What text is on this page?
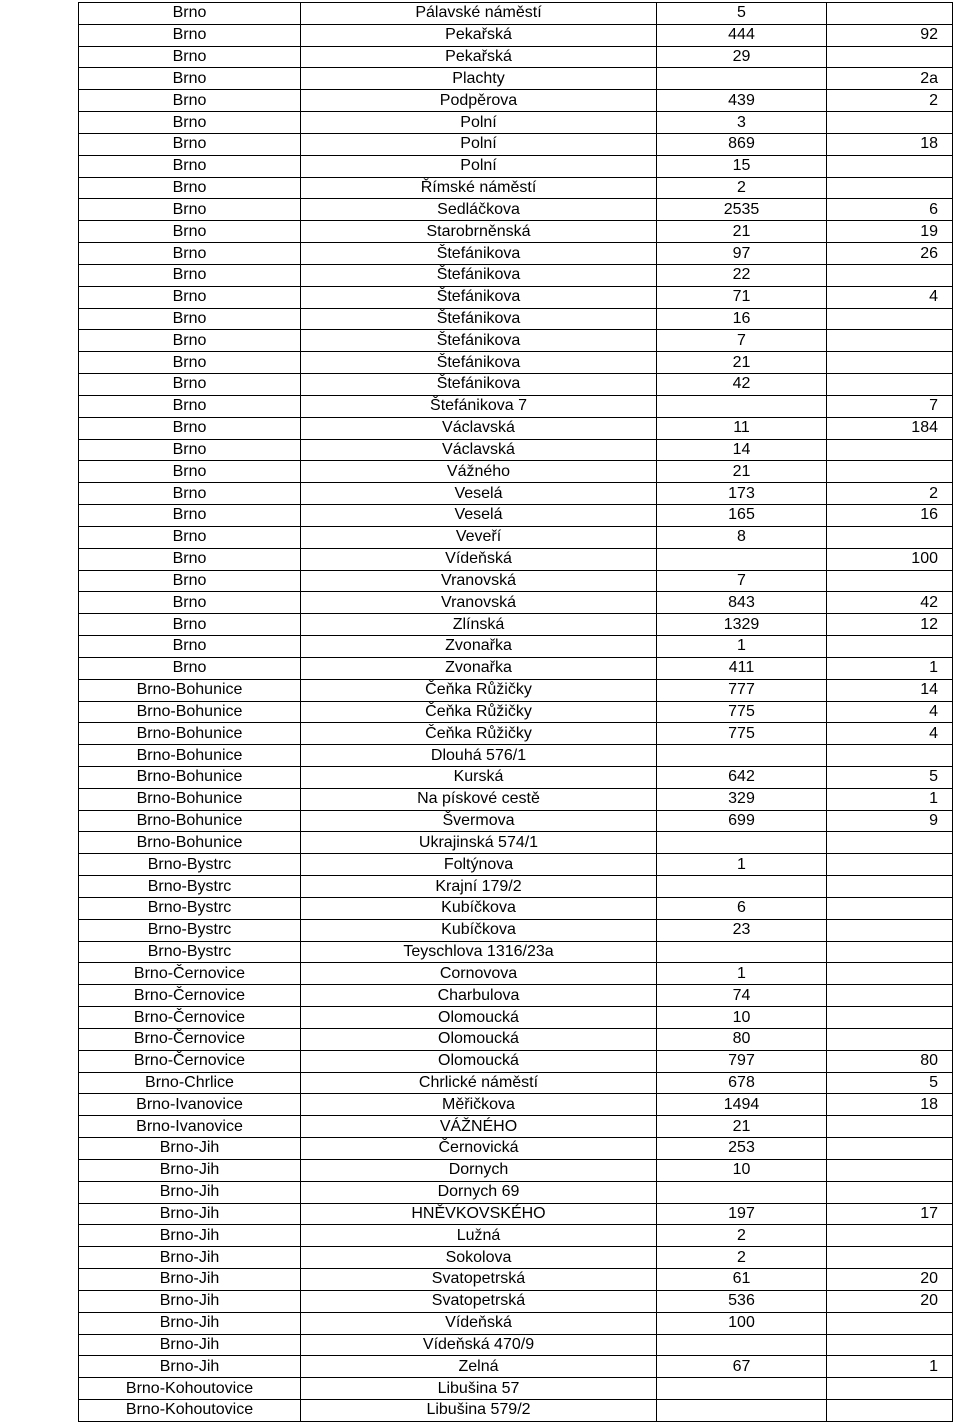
Brno	Pálavské náměstí	5	
Brno	Pekařská	444	92
Brno	Pekařská	29	
Brno	Plachty		2a
Brno	Podpěrova	439	2
Brno	Polní	3	
Brno	Polní	869	18
Brno	Polní	15	
Brno	Římské náměstí	2	
Brno	Sedláčkova	2535	6
Brno	Starobrněnská	21	19
Brno	Štefánikova	97	26
Brno	Štefánikova	22	
Brno	Štefánikova	71	4
Brno	Štefánikova	16	
Brno	Štefánikova	7	
Brno	Štefánikova	21	
Brno	Štefánikova	42	
Brno	Štefánikova 7		7
Brno	Václavská	11	184
Brno	Václavská	14	
Brno	Vážného	21	
Brno	Veselá	173	2
Brno	Veselá	165	16
Brno	Veveří	8	
Brno	Vídeňská		100
Brno	Vranovská	7	
Brno	Vranovská	843	42
Brno	Zlínská	1329	12
Brno	Zvonařka	1	
Brno	Zvonařka	411	1
Brno-Bohunice	Čeňka Růžičky	777	14
Brno-Bohunice	Čeňka Růžičky	775	4
Brno-Bohunice	Čeňka Růžičky	775	4
Brno-Bohunice	Dlouhá 576/1		
Brno-Bohunice	Kurská	642	5
Brno-Bohunice	Na pískové cestě	329	1
Brno-Bohunice	Švermova	699	9
Brno-Bohunice	Ukrajinská 574/1		
Brno-Bystrc	Foltýnova	1	
Brno-Bystrc	Krajní 179/2		
Brno-Bystrc	Kubíčkova	6	
Brno-Bystrc	Kubíčkova	23	
Brno-Bystrc	Teyschlova 1316/23a		
Brno-Černovice	Cornovova	1	
Brno-Černovice	Charbulova	74	
Brno-Černovice	Olomoucká	10	
Brno-Černovice	Olomoucká	80	
Brno-Černovice	Olomoucká	797	80
Brno-Chrlice	Chrlické náměstí	678	5
Brno-Ivanovice	Měřičkova	1494	18
Brno-Ivanovice	VÁŽNÉHO	21	
Brno-Jih	Černovická	253	
Brno-Jih	Dornych	10	
Brno-Jih	Dornych 69		
Brno-Jih	HNĚVKOVSKÉHO	197	17
Brno-Jih	Lužná	2	
Brno-Jih	Sokolova	2	
Brno-Jih	Svatopetrská	61	20
Brno-Jih	Svatopetrská	536	20
Brno-Jih	Vídeňská	100	
Brno-Jih	Vídeňská 470/9		
Brno-Jih	Zelná	67	1
Brno-Kohoutovice	Libušina 57		
Brno-Kohoutovice	Libušina 579/2		
